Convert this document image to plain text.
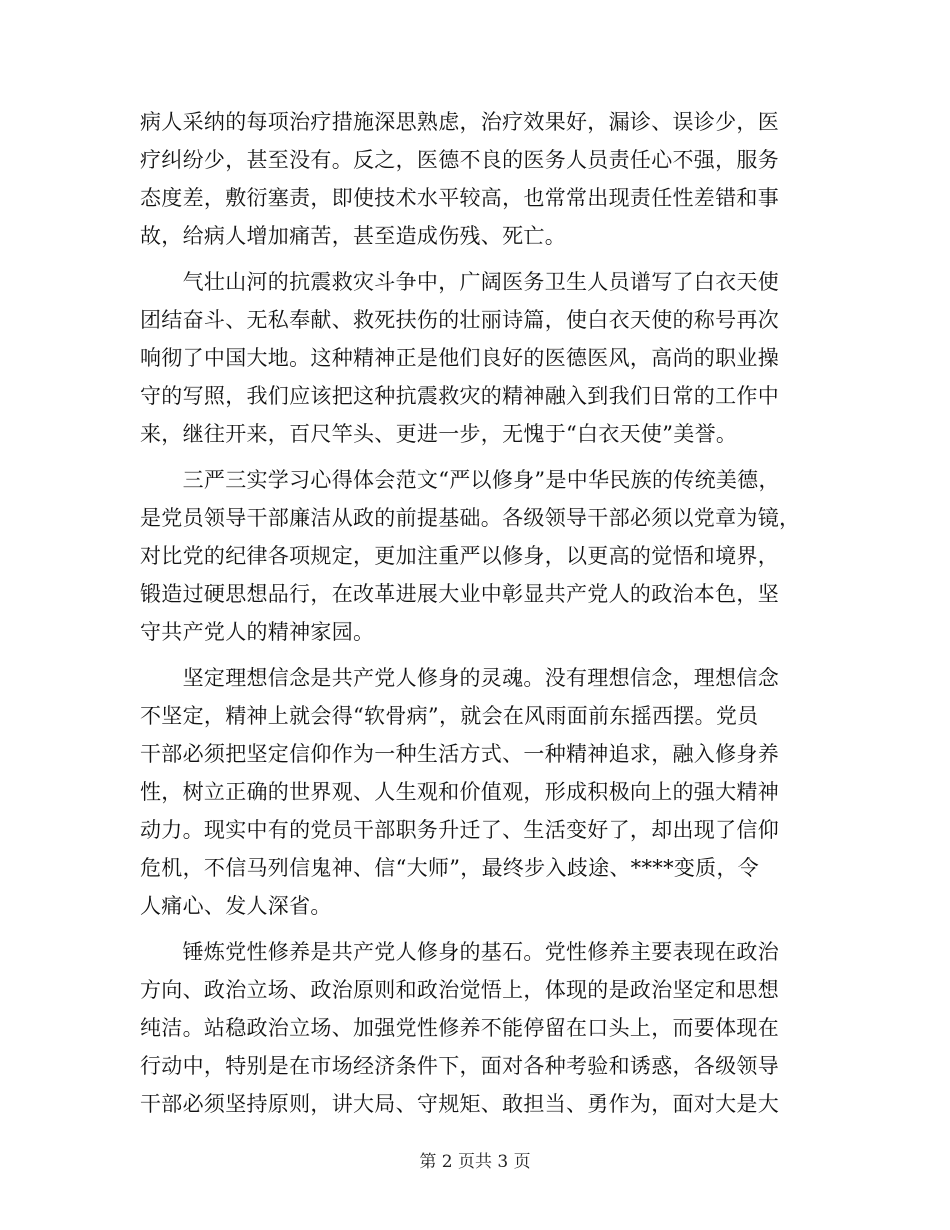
病人采纳的每项治疗措施深思熟虑，治疗效果好，漏诊、误诊少，医
疗纠纷少，甚至没有。反之，医德不良的医务人员责任心不强，服务
态度差，敷衍塞责，即使技术水平较高，也常常出现责任性差错和事
故，给病人增加痛苦，甚至造成伤残、死亡。
　　气壮山河的抗震救灾斗争中，广阔医务卫生人员谱写了白衣天使
团结奋斗、无私奉献、救死扶伤的壮丽诗篇，使白衣天使的称号再次
响彻了中国大地。这种精神正是他们良好的医德医风，高尚的职业操
守的写照，我们应该把这种抗震救灾的精神融入到我们日常的工作中
来，继往开来，百尺竿头、更进一步，无愧于“白衣天使”美誉。
　　三严三实学习心得体会范文“严以修身”是中华民族的传统美德，
是党员领导干部廉洁从政的前提基础。各级领导干部必须以党章为镜，
对比党的纪律各项规定，更加注重严以修身，以更高的觉悟和境界，
锻造过硬思想品行，在改革进展大业中彰显共产党人的政治本色，坚
守共产党人的精神家园。
　　坚定理想信念是共产党人修身的灵魂。没有理想信念，理想信念
不坚定，精神上就会得“软骨病”，就会在风雨面前东摇西摆。党员
干部必须把坚定信仰作为一种生活方式、一种精神追求，融入修身养
性，树立正确的世界观、人生观和价值观，形成积极向上的强大精神
动力。现实中有的党员干部职务升迁了、生活变好了，却出现了信仰
危机，不信马列信鬼神、信“大师”，最终步入歧途、****变质，令
人痛心、发人深省。
　　锤炼党性修养是共产党人修身的基石。党性修养主要表现在政治
方向、政治立场、政治原则和政治觉悟上，体现的是政治坚定和思想
纯洁。站稳政治立场、加强党性修养不能停留在口头上，而要体现在
行动中，特别是在市场经济条件下，面对各种考验和诱惑，各级领导
干部必须坚持原则，讲大局、守规矩、敢担当、勇作为，面对大是大
第 2 页共 3 页
